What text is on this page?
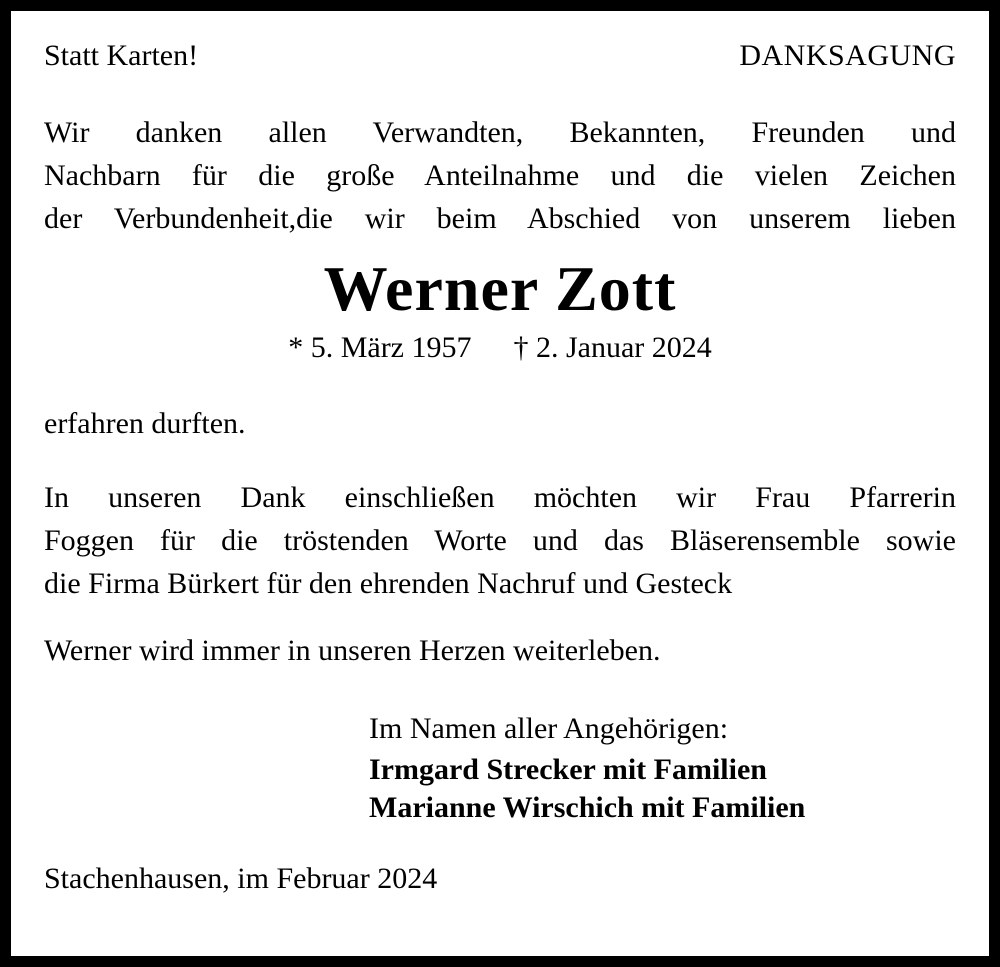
Statt Karten!	DANKSAGUNG
Wir danken allen Verwandten, Bekannten, Freunden und
Nachbarn für die große Anteilnahme und die vielen Zeichen
der Verbundenheit,die wir beim Abschied von unserem lieben
Werner Zott
* 5. März 1957 † 2. Januar 2024
erfahren durften.
In unseren Dank einschließen möchten wir Frau Pfarrerin
Foggen für die tröstenden Worte und das Bläserensemble sowie
die Firma Bürkert für den ehrenden Nachruf und Gesteck
Werner wird immer in unseren Herzen weiterleben.
Im Namen aller Angehörigen:
Irmgard Strecker mit Familien
Marianne Wirschich mit Familien
Stachenhausen, im Februar 2024
